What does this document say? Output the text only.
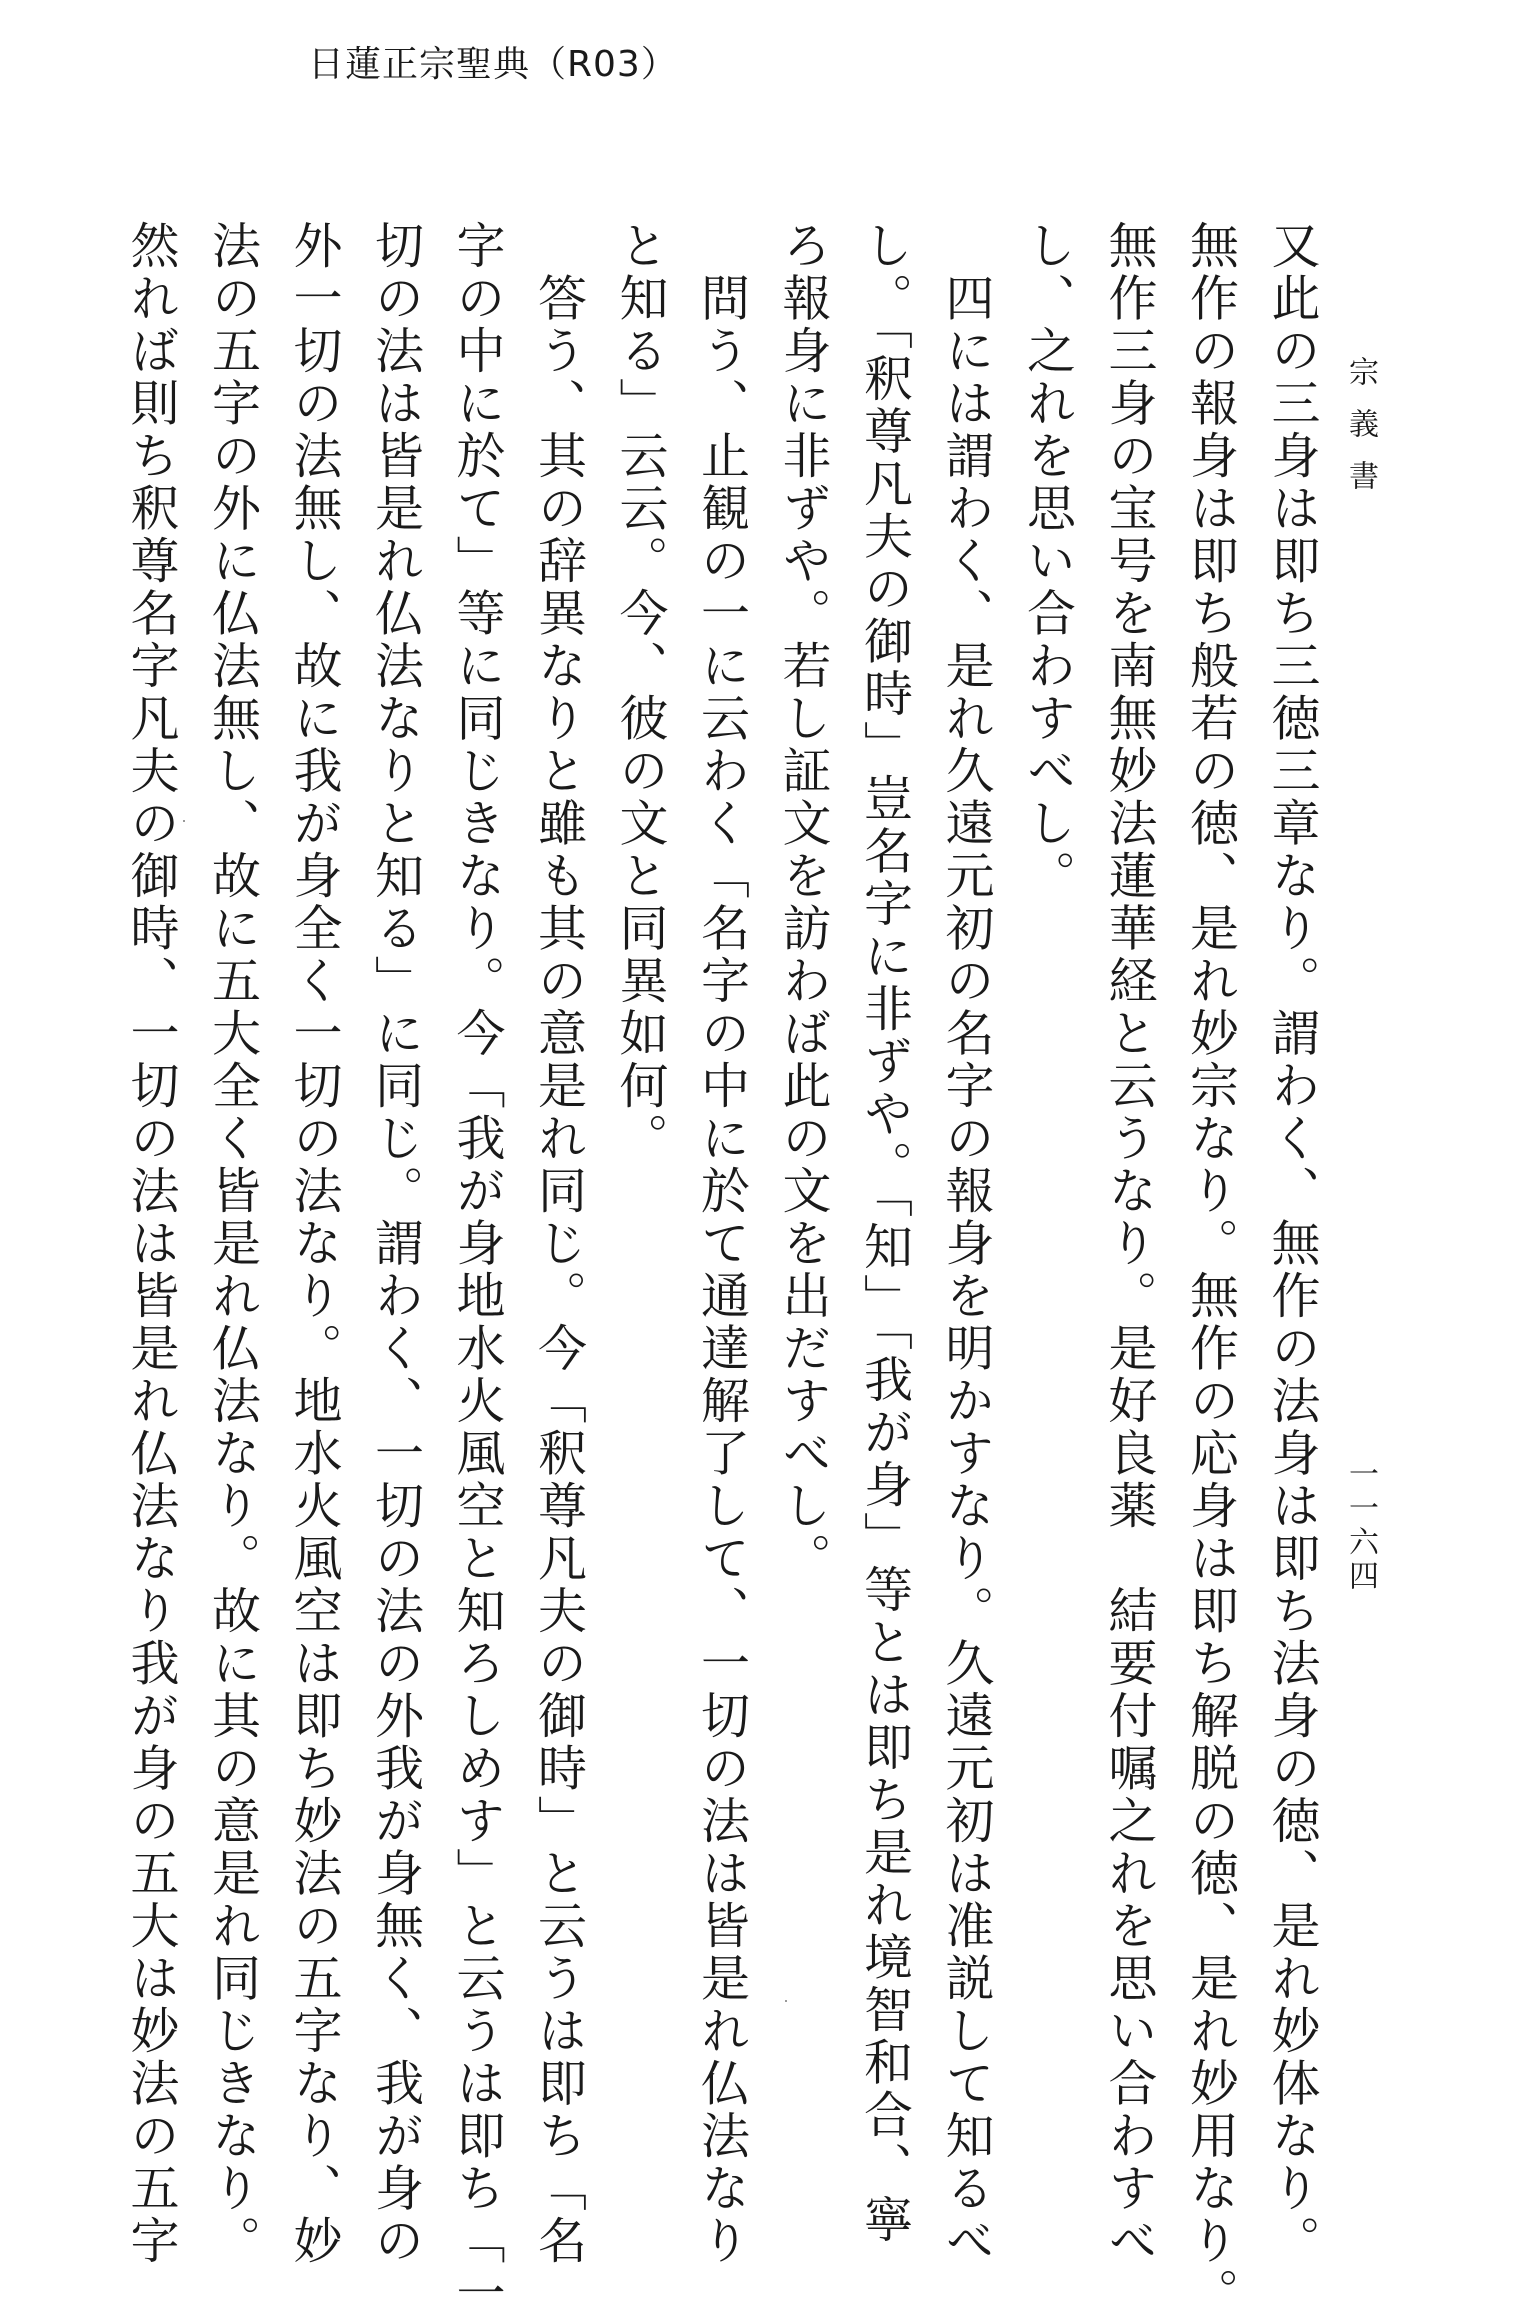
日蓮正宗聖典（R03）
宗義書
一一六四
又此の三身は即ち三徳三章なり。謂わく、無作の法身は即ち法身の徳、是れ妙体なり。
無作の報身は即ち般若の徳、是れ妙宗なり。無作の応身は即ち解脱の徳、是れ妙用なり。
無作三身の宝号を南無妙法蓮華経と云うなり。是好良薬　結要付嘱之れを思い合わすべ
し、之れを思い合わすべし。
四には謂わく、是れ久遠元初の名字の報身を明かすなり。久遠元初は准説して知るべ
し。「釈尊凡夫の御時」豈名字に非ずや。「知」「我が身」等とは即ち是れ境智和合、寧
ろ報身に非ずや。若し証文を訪わば此の文を出だすべし。
問う、止観の一に云わく「名字の中に於て通達解了して、一切の法は皆是れ仏法なり
と知る」云云。今、彼の文と同異如何。
答う、其の辞異なりと雖も其の意是れ同じ。今「釈尊凡夫の御時」と云うは即ち「名
字の中に於て」等に同じきなり。今「我が身地水火風空と知ろしめす」と云うは即ち「一
切の法は皆是れ仏法なりと知る」に同じ。謂わく、一切の法の外我が身無く、我が身の
外一切の法無し、故に我が身全く一切の法なり。地水火風空は即ち妙法の五字なり、妙
法の五字の外に仏法無し、故に五大全く皆是れ仏法なり。故に其の意是れ同じきなり。
然れば則ち釈尊名字凡夫の御時、一切の法は皆是れ仏法なり我が身の五大は妙法の五字
